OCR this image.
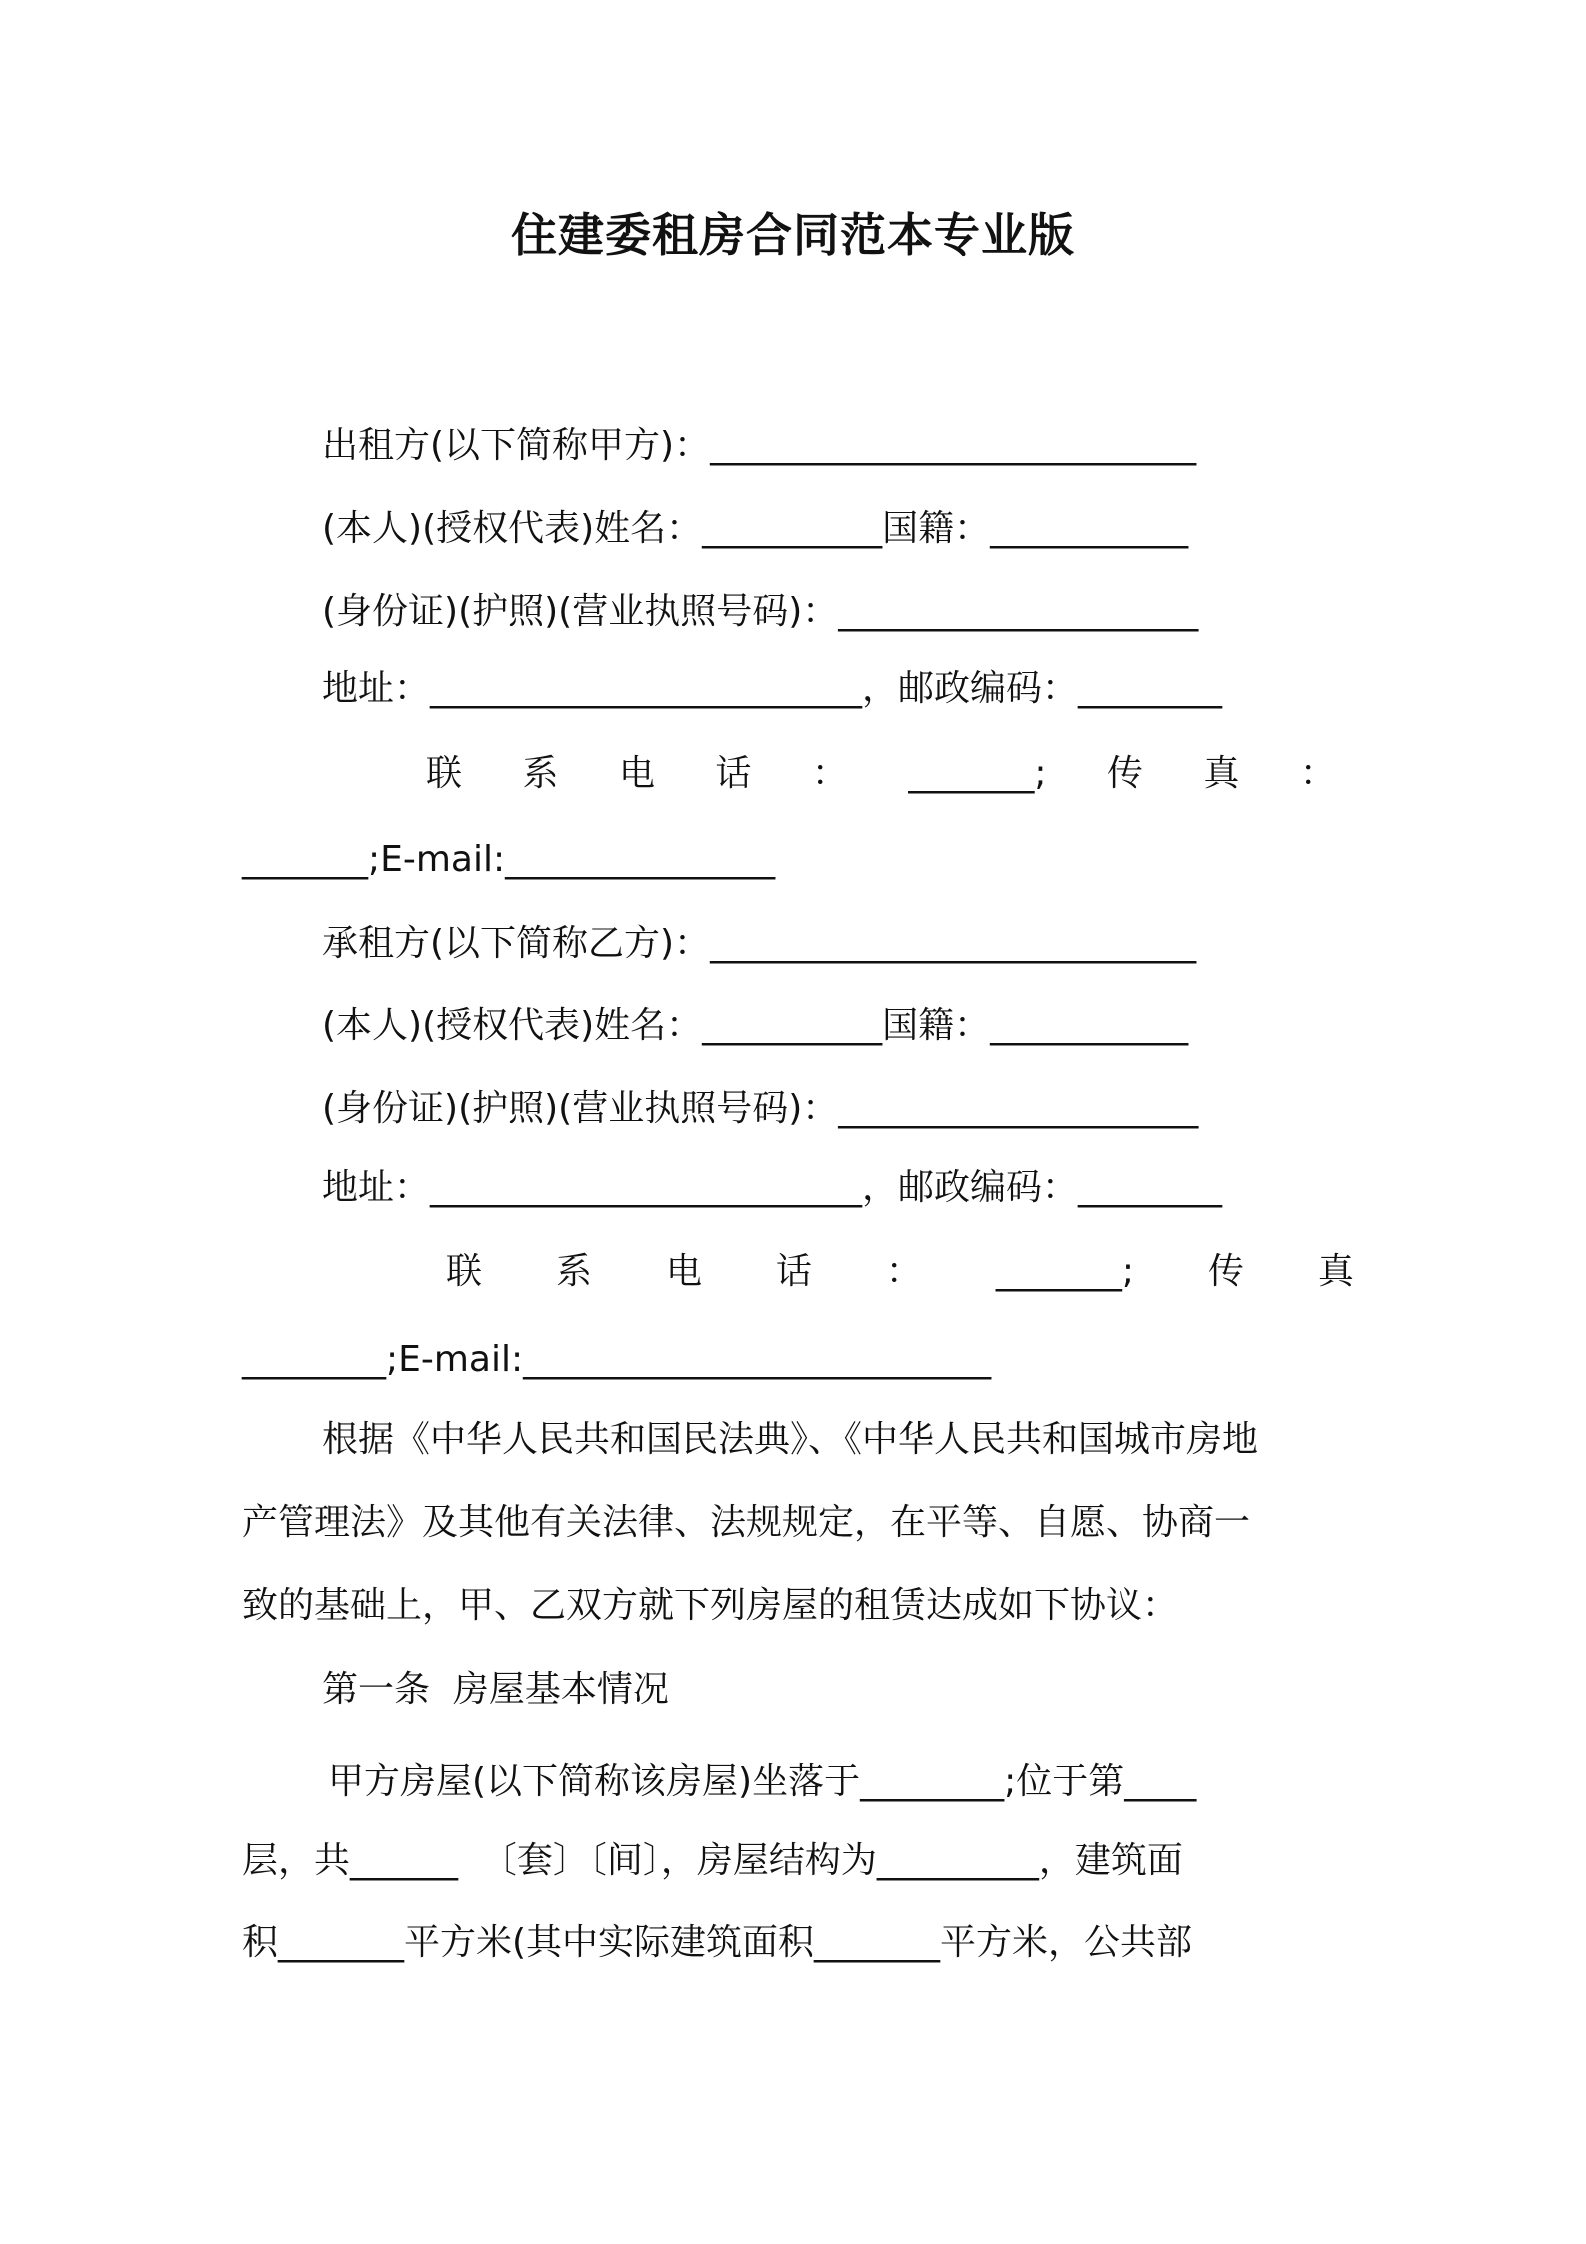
住建委租房合同范本专业版
出租方(以下简称甲方)：___________________________
(本人)(授权代表)姓名：__________国籍：___________
(身份证)(护照)(营业执照号码)：____________________
地址：________________________，邮政编码：________
联 系 电 话 ： _______; 传 真 ：
_______;E-mail:_______________
承租方(以下简称乙方)：___________________________
(本人)(授权代表)姓名：__________国籍：___________
(身份证)(护照)(营业执照号码)：____________________
地址：________________________，邮政编码：________
联 系 电 话 ： _______; 传 真
________;E-mail:__________________________
根据《中华人民共和国民法典》、《中华人民共和国城市房地
产管理法》及其他有关法律、法规规定，在平等、自愿、协商一
致的基础上，甲、乙双方就下列房屋的租赁达成如下协议：
第一条  房屋基本情况
甲方房屋(以下简称该房屋)坐落于________;位于第____
层，共______  〔套〕〔间〕，房屋结构为_________，建筑面
积_______平方米(其中实际建筑面积_______平方米，公共部
